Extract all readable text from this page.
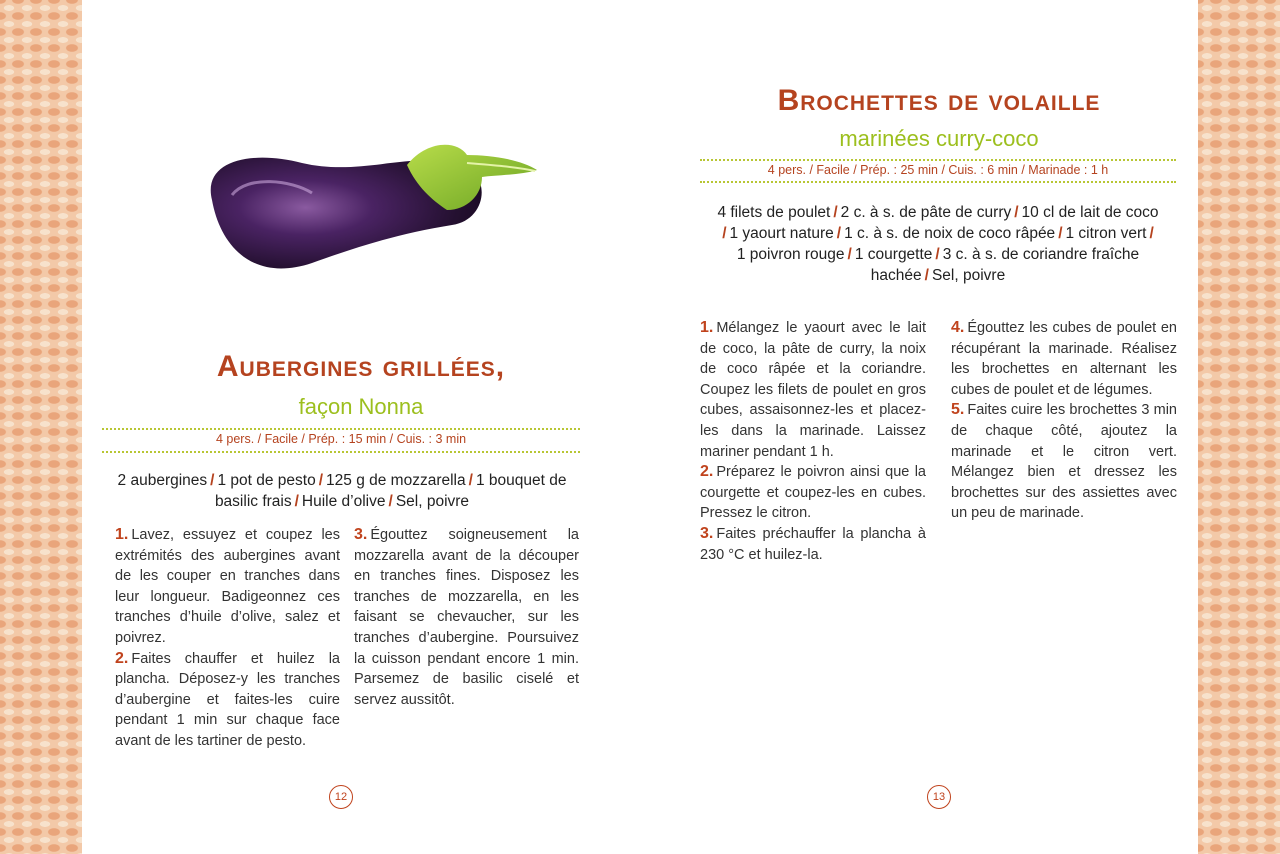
Aubergines grillées,
façon Nonna
4 pers. / Facile / Prép. : 15 min / Cuis. : 3 min
2 aubergines / 1 pot de pesto / 125 g de mozzarella / 1 bouquet de basilic frais / Huile d’olive / Sel, poivre

1. Lavez, essuyez et coupez les extrémités des aubergines avant de les couper en tranches dans leur longueur. Badigeonnez ces tranches d’huile d’olive, salez et poivrez.

2. Faites chauffer et huilez la plancha. Déposez-y les tranches d’aubergine et faites-les cuire pendant 1 min sur chaque face avant de les tartiner de pesto.

3. Égouttez soigneusement la mozzarella avant de la découper en tranches fines. Disposez les tranches de mozzarella, en les faisant se chevaucher, sur les tranches d’aubergine. Poursuivez la cuisson pendant encore 1 min. Parsemez de basilic ciselé et servez aussitôt.

12
Brochettes de volaille
marinées curry-coco
4 pers. / Facile / Prép. : 25 min / Cuis. : 6 min / Marinade : 1 h
4 filets de poulet / 2 c. à s. de pâte de curry / 10 cl de lait de coco
/ 1 yaourt nature / 1 c. à s. de noix de coco râpée / 1 citron vert /
1 poivron rouge / 1 courgette / 3 c. à s. de coriandre fraîche hachée / Sel, poivre

1. Mélangez le yaourt avec le lait de coco, la pâte de curry, la noix de coco râpée et la coriandre. Coupez les filets de poulet en gros cubes, assaisonnez-les et placez-les dans la marinade. Laissez mariner pendant 1 h.

2. Préparez le poivron ainsi que la courgette et coupez-les en cubes. Pressez le citron.

3. Faites préchauffer la plancha à 230 °C et huilez-la.

4. Égouttez les cubes de poulet en récupérant la marinade. Réalisez les brochettes en alternant les cubes de poulet et de légumes.

5. Faites cuire les brochettes 3 min de chaque côté, ajoutez la marinade et le citron vert. Mélangez bien et dressez les brochettes sur des assiettes avec un peu de marinade.

13
